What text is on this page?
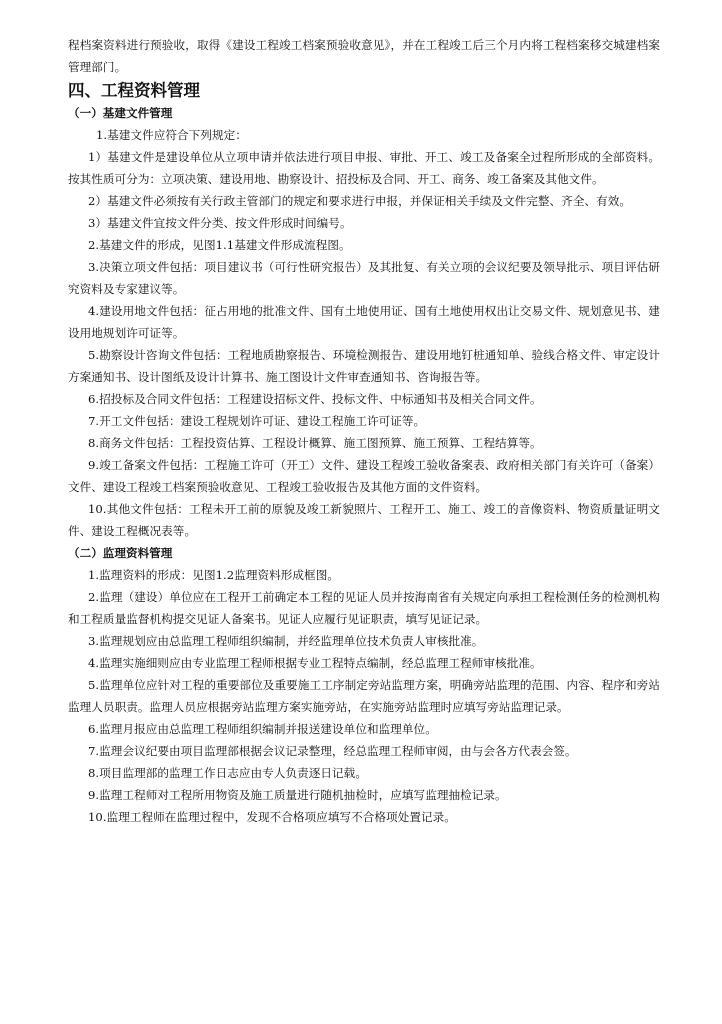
程档案资料进行预验收，取得《建设工程竣工档案预验收意见》，并在工程竣工后三个月内将工程档案移交城建档案管理部门。

四、工程资料管理
（一）基建文件管理

1.基建文件应符合下列规定：

1）基建文件是建设单位从立项申请并依法进行项目申报、审批、开工、竣工及备案全过程所形成的全部资料。按其性质可分为：立项决策、建设用地、勘察设计、招投标及合同、开工、商务、竣工备案及其他文件。

2）基建文件必须按有关行政主管部门的规定和要求进行申报，并保证相关手续及文件完整、齐全、有效。

3）基建文件宜按文件分类、按文件形成时间编号。

2.基建文件的形成，见图1.1基建文件形成流程图。

3.决策立项文件包括：项目建议书（可行性研究报告）及其批复、有关立项的会议纪要及领导批示、项目评估研究资料及专家建议等。

4.建设用地文件包括：征占用地的批准文件、国有土地使用证、国有土地使用权出让交易文件、规划意见书、建设用地规划许可证等。

5.勘察设计咨询文件包括：工程地质勘察报告、环境检测报告、建设用地钉桩通知单、验线合格文件、审定设计方案通知书、设计图纸及设计计算书、施工图设计文件审查通知书、咨询报告等。

6.招投标及合同文件包括：工程建设招标文件、投标文件、中标通知书及相关合同文件。

7.开工文件包括：建设工程规划许可证、建设工程施工许可证等。

8.商务文件包括：工程投资估算、工程设计概算、施工图预算、施工预算、工程结算等。

9.竣工备案文件包括：工程施工许可（开工）文件、建设工程竣工验收备案表、政府相关部门有关许可（备案）文件、建设工程竣工档案预验收意见、工程竣工验收报告及其他方面的文件资料。

10.其他文件包括：工程未开工前的原貌及竣工新貌照片、工程开工、施工、竣工的音像资料、物资质量证明文件、建设工程概况表等。

（二）监理资料管理

1.监理资料的形成：见图1.2监理资料形成框图。

2.监理（建设）单位应在工程开工前确定本工程的见证人员并按海南省有关规定向承担工程检测任务的检测机构和工程质量监督机构提交见证人备案书。见证人应履行见证职责，填写见证记录。

3.监理规划应由总监理工程师组织编制，并经监理单位技术负责人审核批准。

4.监理实施细则应由专业监理工程师根据专业工程特点编制，经总监理工程师审核批准。

5.监理单位应针对工程的重要部位及重要施工工序制定旁站监理方案，明确旁站监理的范围、内容、程序和旁站监理人员职责。监理人员应根据旁站监理方案实施旁站，在实施旁站监理时应填写旁站监理记录。

6.监理月报应由总监理工程师组织编制并报送建设单位和监理单位。

7.监理会议纪要由项目监理部根据会议记录整理，经总监理工程师审阅，由与会各方代表会签。

8.项目监理部的监理工作日志应由专人负责逐日记载。

9.监理工程师对工程所用物资及施工质量进行随机抽检时，应填写监理抽检记录。

10.监理工程师在监理过程中，发现不合格项应填写不合格项处置记录。
